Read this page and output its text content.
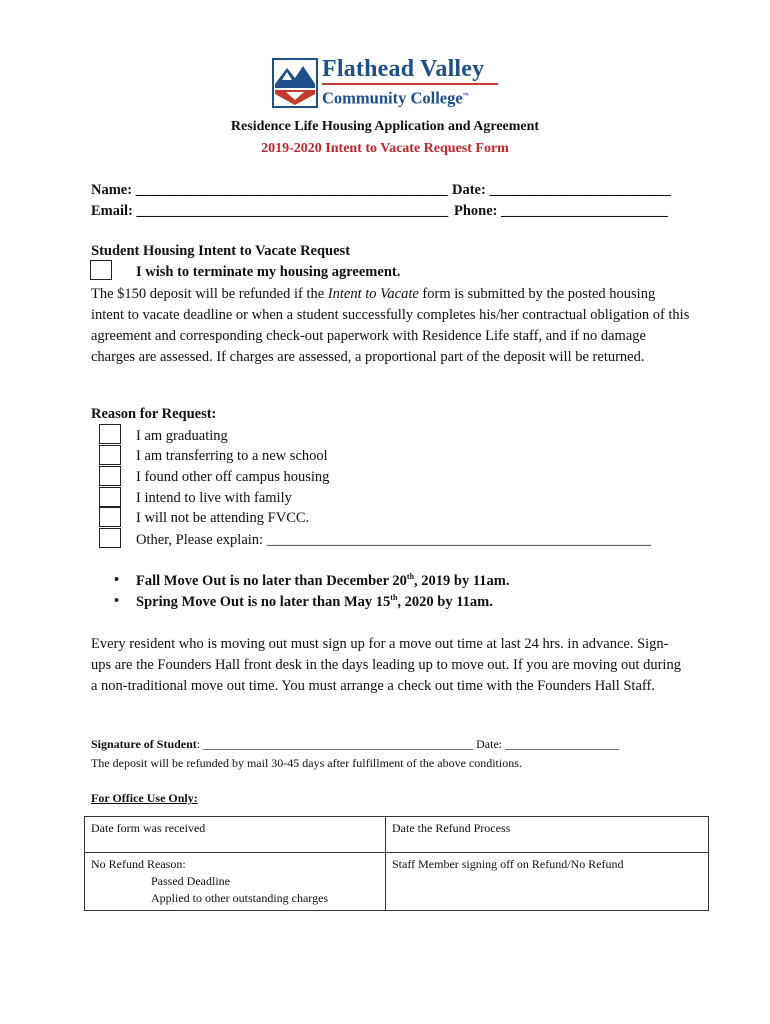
Flathead Valley
Community College™
Residence Life Housing Application and Agreement
2019-2020 Intent to Vacate Request Form
Name: ___________________________________________ Date: _________________________
Email: ___________________________________________ Phone: _______________________
Student Housing Intent to Vacate Request
I wish to terminate my housing agreement.
The $150 deposit will be refunded if the Intent to Vacate form is submitted by the posted housing intent to vacate deadline or when a student successfully completes his/her contractual obligation of this agreement and corresponding check-out paperwork with Residence Life staff, and if no damage charges are assessed. If charges are assessed, a proportional part of the deposit will be returned.
Reason for Request:
I am graduating
I am transferring to a new school
I found other off campus housing
I intend to live with family
I will not be attending FVCC.
Other, Please explain: _____________________________________________________
• Fall Move Out is no later than December 20th, 2019 by 11am.
• Spring Move Out is no later than May 15th, 2020 by 11am.
Every resident who is moving out must sign up for a move out time at last 24 hrs. in advance. Sign-ups are the Founders Hall front desk in the days leading up to move out. If you are moving out during a non-traditional move out time. You must arrange a check out time with the Founders Hall Staff.
Signature of Student: _____________________________________________ Date: ___________________
The deposit will be refunded by mail 30-45 days after fulfillment of the above conditions.
For Office Use Only:
Date form was received	Date the Refund Process

No Refund Reason:
Passed Deadline
Applied to other outstanding charges	Staff Member signing off on Refund/No Refund
